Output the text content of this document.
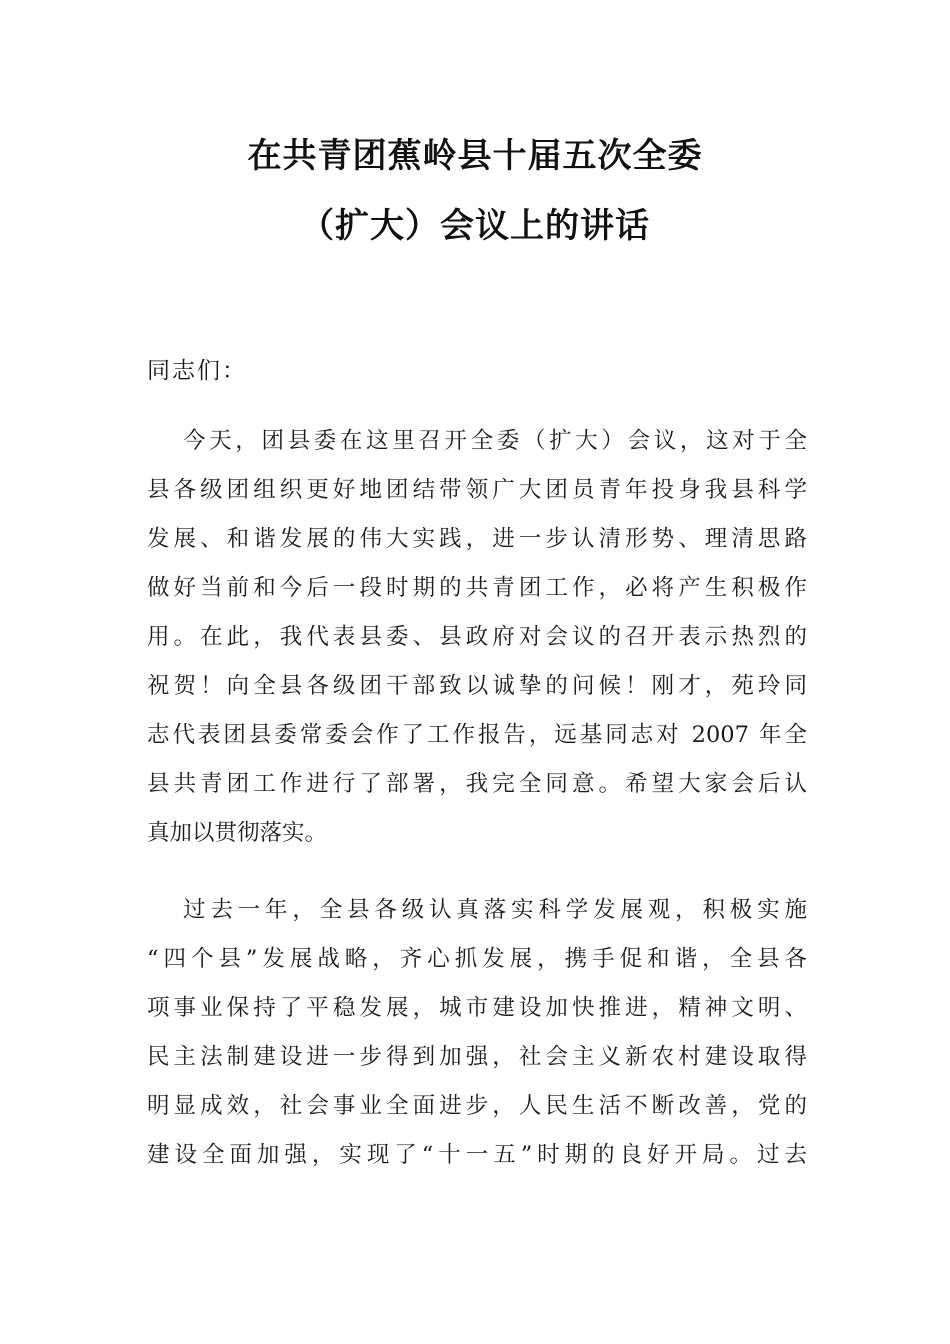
在共青团蕉岭县十届五次全委
（扩大）会议上的讲话

同志们：

今天，团县委在这里召开全委（扩大）会议，这对于全
县各级团组织更好地团结带领广大团员青年投身我县科学
发展、和谐发展的伟大实践，进一步认清形势、理清思路
做好当前和今后一段时期的共青团工作，必将产生积极作
用。在此，我代表县委、县政府对会议的召开表示热烈的
祝贺！向全县各级团干部致以诚挚的问候！刚才，苑玲同
志代表团县委常委会作了工作报告，远基同志对 2007 年全
县共青团工作进行了部署，我完全同意。希望大家会后认
真加以贯彻落实。
过去一年，全县各级认真落实科学发展观，积极实施
“四个县”发展战略，齐心抓发展，携手促和谐，全县各
项事业保持了平稳发展，城市建设加快推进，精神文明、
民主法制建设进一步得到加强，社会主义新农村建设取得
明显成效，社会事业全面进步，人民生活不断改善，党的
建设全面加强，实现了“十一五”时期的良好开局。过去
